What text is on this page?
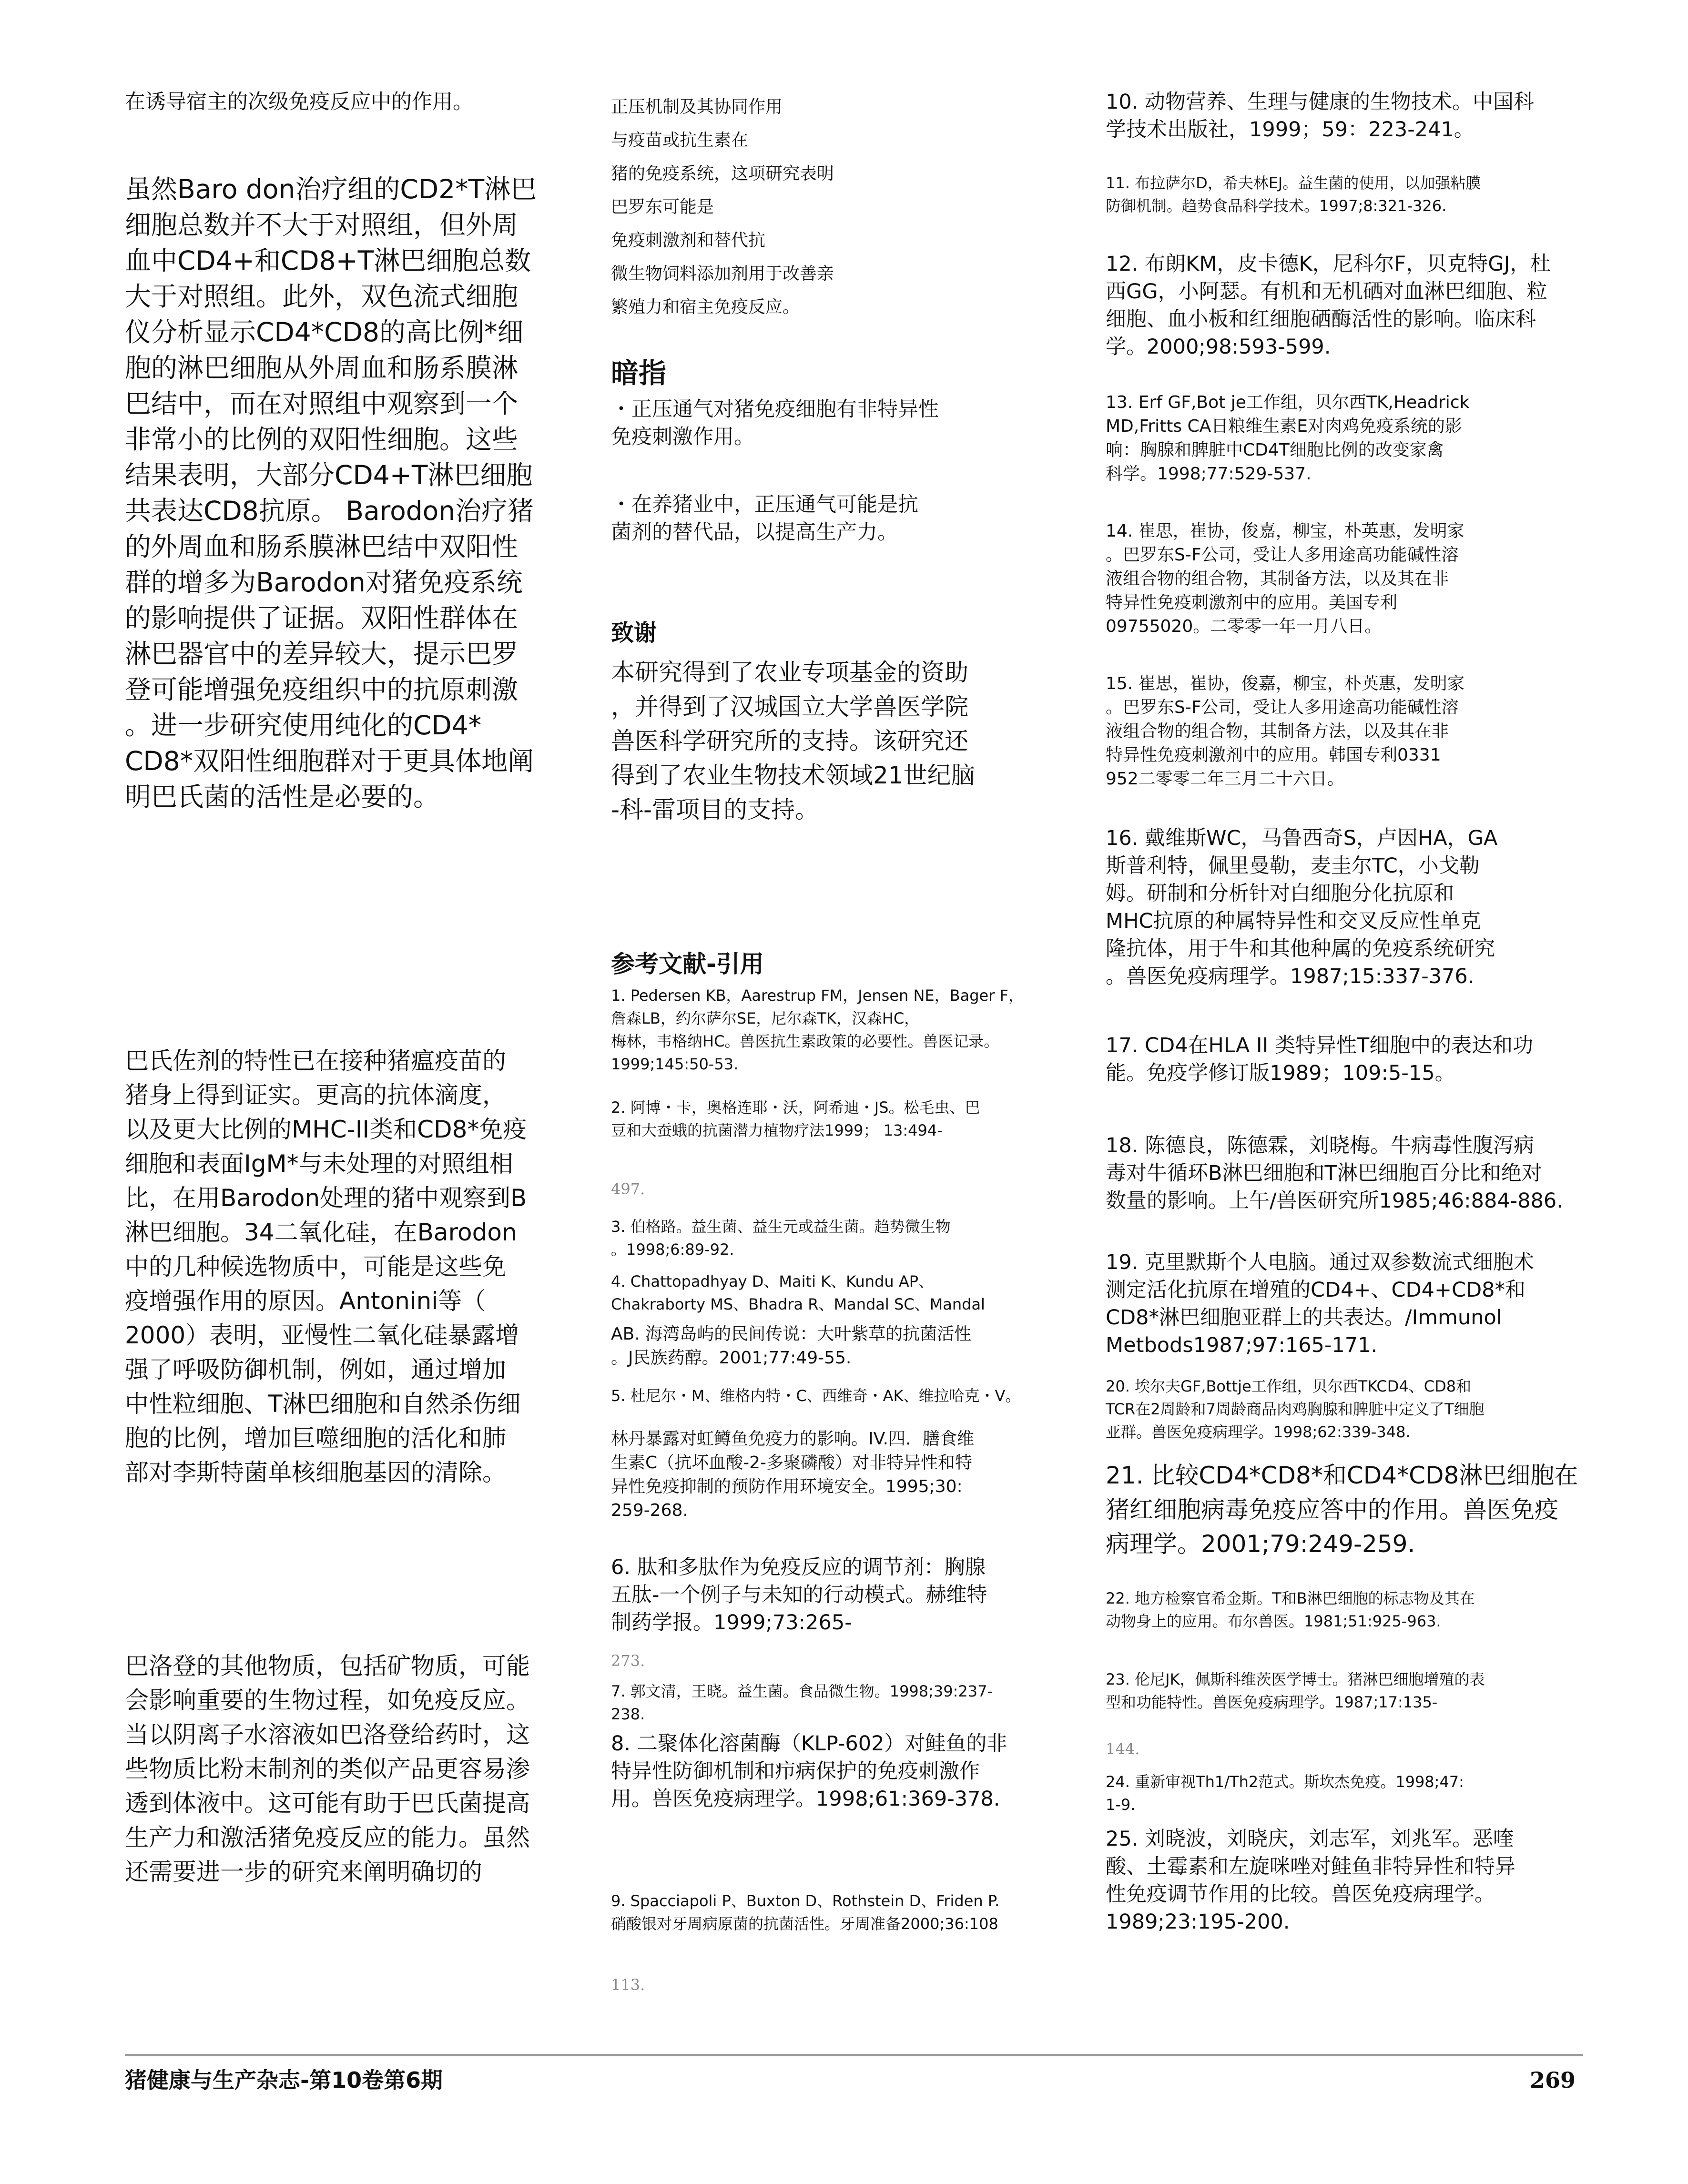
在诱导宿主的次级免疫反应中的作用。

虽然Baro don治疗组的CD2*T淋巴
细胞总数并不大于对照组，但外周
血中CD4+和CD8+T淋巴细胞总数
大于对照组。此外，双色流式细胞
仪分析显示CD4*CD8的高比例*细
胞的淋巴细胞从外周血和肠系膜淋
巴结中，而在对照组中观察到一个
非常小的比例的双阳性细胞。这些
结果表明，大部分CD4+T淋巴细胞
共表达CD8抗原。 Barodon治疗猪
的外周血和肠系膜淋巴结中双阳性
群的增多为Barodon对猪免疫系统
的影响提供了证据。双阳性群体在
淋巴器官中的差异较大，提示巴罗
登可能增强免疫组织中的抗原刺激
。进一步研究使用纯化的CD4*
CD8*双阳性细胞群对于更具体地阐
明巴氏菌的活性是必要的。

巴氏佐剂的特性已在接种猪瘟疫苗的
猪身上得到证实。更高的抗体滴度，
以及更大比例的MHC-II类和CD8*免疫
细胞和表面IgM*与未处理的对照组相
比，在用Barodon处理的猪中观察到B
淋巴细胞。34二氧化硅，在Barodon
中的几种候选物质中，可能是这些免
疫增强作用的原因。Antonini等（
2000）表明，亚慢性二氧化硅暴露增
强了呼吸防御机制，例如，通过增加
中性粒细胞、T淋巴细胞和自然杀伤细
胞的比例，增加巨噬细胞的活化和肺
部对李斯特菌单核细胞基因的清除。

巴洛登的其他物质，包括矿物质，可能
会影响重要的生物过程，如免疫反应。
当以阴离子水溶液如巴洛登给药时，这
些物质比粉末制剂的类似产品更容易渗
透到体液中。这可能有助于巴氏菌提高
生产力和激活猪免疫反应的能力。虽然
还需要进一步的研究来阐明确切的

正压机制及其协同作用
与疫苗或抗生素在
猪的免疫系统，这项研究表明
巴罗东可能是
免疫刺激剂和替代抗
微生物饲料添加剂用于改善亲
繁殖力和宿主免疫反应。

暗指

・正压通气对猪免疫细胞有非特异性
免疫刺激作用。

・在养猪业中，正压通气可能是抗
菌剂的替代品，以提高生产力。

致谢

本研究得到了农业专项基金的资助
，并得到了汉城国立大学兽医学院
兽医科学研究所的支持。该研究还
得到了农业生物技术领域21世纪脑
-科-雷项目的支持。

参考文献-引用

1. Pedersen KB，Aarestrup FM，Jensen NE，Bager F，
詹森LB，约尔萨尔SE，尼尔森TK，汉森HC，
梅林，韦格纳HC。兽医抗生素政策的必要性。兽医记录。
1999;145:50-53.

2. 阿博・卡，奥格连耶・沃，阿希迪・JS。松毛虫、巴
豆和大蚕蛾的抗菌潜力植物疗法1999； 13:494-

497.

3. 伯格路。益生菌、益生元或益生菌。趋势微生物
。1998;6:89-92.

4. Chattopadhyay D、Maiti K、Kundu AP、
Chakraborty MS、Bhadra R、Mandal SC、Mandal

AB. 海湾岛屿的民间传说：大叶紫草的抗菌活性
。J民族药醇。2001;77:49-55.

5. 杜尼尔・M、维格内特・C、西维奇・AK、维拉哈克・V。

林丹暴露对虹鳟鱼免疫力的影响。IV.四．膳食维
生素C（抗坏血酸-2-多聚磷酸）对非特异性和特
异性免疫抑制的预防作用环境安全。1995;30:
259-268.

6. 肽和多肽作为免疫反应的调节剂：胸腺
五肽-一个例子与未知的行动模式。赫维特
制药学报。1999;73:265-

273.

7. 郭文清，王晓。益生菌。食品微生物。1998;39:237-
238.

8. 二聚体化溶菌酶（KLP-602）对鲑鱼的非
特异性防御机制和疖病保护的免疫刺激作
用。兽医免疫病理学。1998;61:369-378.

9. Spacciapoli P、Buxton D、Rothstein D、Friden P.
硝酸银对牙周病原菌的抗菌活性。牙周准备2000;36:108

113.

10. 动物营养、生理与健康的生物技术。中国科
学技术出版社，1999；59：223-241。

11. 布拉萨尔D，希夫林EJ。益生菌的使用，以加强粘膜
防御机制。趋势食品科学技术。1997;8:321-326.

12. 布朗KM，皮卡德K，尼科尔F，贝克特GJ，杜
西GG，小阿瑟。有机和无机硒对血淋巴细胞、粒
细胞、血小板和红细胞硒酶活性的影响。临床科
学。2000;98:593-599.

13. Erf GF,Bot je工作组，贝尔西TK,Headrick
MD,Fritts CA日粮维生素E对肉鸡免疫系统的影
响：胸腺和脾脏中CD4T细胞比例的改变家禽
科学。1998;77:529-537.

14. 崔思，崔协，俊嘉，柳宝，朴英惠，发明家
。巴罗东S-F公司，受让人多用途高功能碱性溶
液组合物的组合物，其制备方法，以及其在非
特异性免疫刺激剂中的应用。美国专利
09755020。二零零一年一月八日。

15. 崔思，崔协，俊嘉，柳宝，朴英惠，发明家
。巴罗东S-F公司，受让人多用途高功能碱性溶
液组合物的组合物，其制备方法，以及其在非
特异性免疫刺激剂中的应用。韩国专利0331
952二零零二年三月二十六日。

16. 戴维斯WC，马鲁西奇S，卢因HA，GA
斯普利特，佩里曼勒，麦圭尔TC，小戈勒
姆。研制和分析针对白细胞分化抗原和
MHC抗原的种属特异性和交叉反应性单克
隆抗体，用于牛和其他种属的免疫系统研究
。兽医免疫病理学。1987;15:337-376.

17. CD4在HLA II 类特异性T细胞中的表达和功
能。免疫学修订版1989；109:5-15。

18. 陈德良，陈德霖，刘晓梅。牛病毒性腹泻病
毒对牛循环B淋巴细胞和T淋巴细胞百分比和绝对
数量的影响。上午/兽医研究所1985;46:884-886.

19. 克里默斯个人电脑。通过双参数流式细胞术
测定活化抗原在增殖的CD4+、CD4+CD8*和
CD8*淋巴细胞亚群上的共表达。/Immunol
Metbods1987;97:165-171.

20. 埃尔夫GF,Bottje工作组，贝尔西TKCD4、CD8和
TCR在2周龄和7周龄商品肉鸡胸腺和脾脏中定义了T细胞
亚群。兽医免疫病理学。1998;62:339-348.

21. 比较CD4*CD8*和CD4*CD8淋巴细胞在
猪红细胞病毒免疫应答中的作用。兽医免疫
病理学。2001;79:249-259.

22. 地方检察官希金斯。T和B淋巴细胞的标志物及其在
动物身上的应用。布尔兽医。1981;51:925-963.

23. 伦尼JK，佩斯科维茨医学博士。猪淋巴细胞增殖的表
型和功能特性。兽医免疫病理学。1987;17:135-

144.

24. 重新审视Th1/Th2范式。斯坎杰免疫。1998;47:
1-9.

25. 刘晓波，刘晓庆，刘志军，刘兆军。恶喹
酸、土霉素和左旋咪唑对鲑鱼非特异性和特异
性免疫调节作用的比较。兽医免疫病理学。
1989;23:195-200.

猪健康与生产杂志-第10卷第6期	269
